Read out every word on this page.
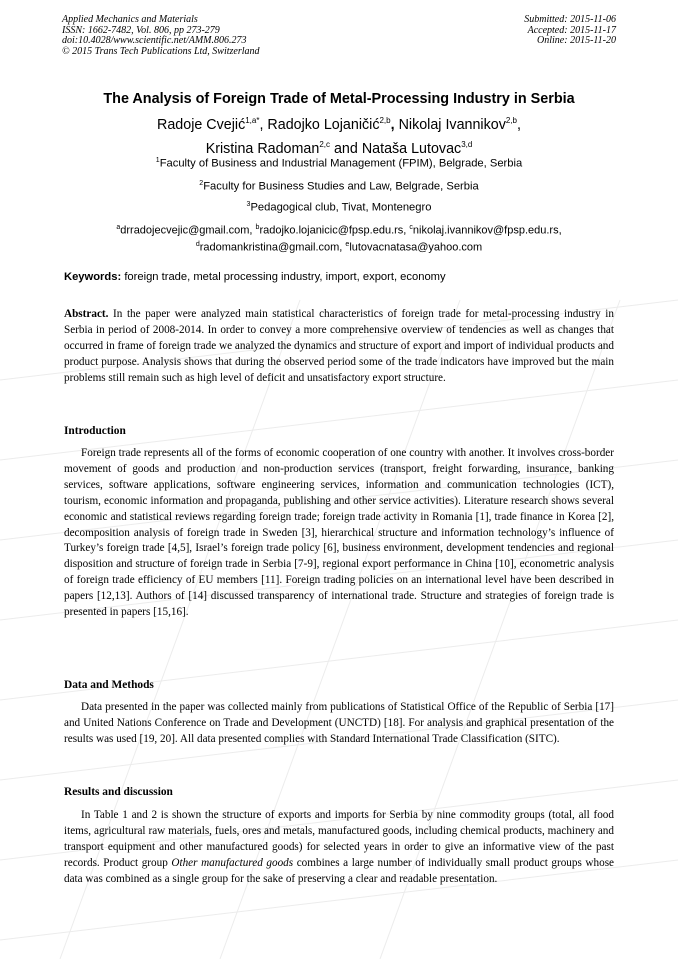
Applied Mechanics and Materials
ISSN: 1662-7482, Vol. 806, pp 273-279
doi:10.4028/www.scientific.net/AMM.806.273
© 2015 Trans Tech Publications Ltd, Switzerland
Submitted: 2015-11-06
Accepted: 2015-11-17
Online: 2015-11-20
The Analysis of Foreign Trade of Metal-Processing Industry in Serbia
Radoje Cvejić$^{1,a*}$, Radojko Lojaničić$^{2,b}$, Nikolaj Ivannikov$^{2,b}$,
Kristina Radoman$^{2,c}$ and Nataša Lutovac$^{3,d}$
$^1$Faculty of Business and Industrial Management (FPIM), Belgrade, Serbia
$^2$Faculty for Business Studies and Law, Belgrade, Serbia
$^3$Pedagogical club, Tivat, Montenegro
$^a$drradojecvejic@gmail.com, $^b$radojko.lojanicic@fpsp.edu.rs, $^c$nikolaj.ivannikov@fpsp.edu.rs,
$^d$radomankristina@gmail.com, $^e$lutovacnatasa@yahoo.com
Keywords: foreign trade, metal processing industry, import, export, economy
Abstract. In the paper were analyzed main statistical characteristics of foreign trade for metal-processing industry in Serbia in period of 2008-2014. In order to convey a more comprehensive overview of tendencies as well as changes that occurred in frame of foreign trade we analyzed the dynamics and structure of export and import of individual products and product purpose. Analysis shows that during the observed period some of the trade indicators have improved but the main problems still remain such as high level of deficit and unsatisfactory export structure.
Introduction
Foreign trade represents all of the forms of economic cooperation of one country with another. It involves cross-border movement of goods and production and non-production services (transport, freight forwarding, insurance, banking services, software applications, software engineering services, information and communication technologies (ICT), tourism, economic information and propaganda, publishing and other service activities). Literature research shows several economic and statistical reviews regarding foreign trade; foreign trade activity in Romania [1], trade finance in Korea [2], decomposition analysis of foreign trade in Sweden [3], hierarchical structure and information technology’s influence of Turkey’s foreign trade [4,5], Israel’s foreign trade policy [6], business environment, development tendencies and regional disposition and structure of foreign trade in Serbia [7-9], regional export performance in China [10], econometric analysis of foreign trade efficiency of EU members [11]. Foreign trading policies on an international level have been described in papers [12,13]. Authors of [14] discussed transparency of international trade. Structure and strategies of foreign trade is presented in papers [15,16].
Data and Methods
Data presented in the paper was collected mainly from publications of Statistical Office of the Republic of Serbia [17] and United Nations Conference on Trade and Development (UNCTD) [18]. For analysis and graphical presentation of the results was used [19, 20]. All data presented complies with Standard International Trade Classification (SITC).
Results and discussion
In Table 1 and 2 is shown the structure of exports and imports for Serbia by nine commodity groups (total, all food items, agricultural raw materials, fuels, ores and metals, manufactured goods, including chemical products, machinery and transport equipment and other manufactured goods) for selected years in order to give an informative view of the past records. Product group Other manufactured goods combines a large number of individually small product groups whose data was combined as a single group for the sake of preserving a clear and readable presentation.
